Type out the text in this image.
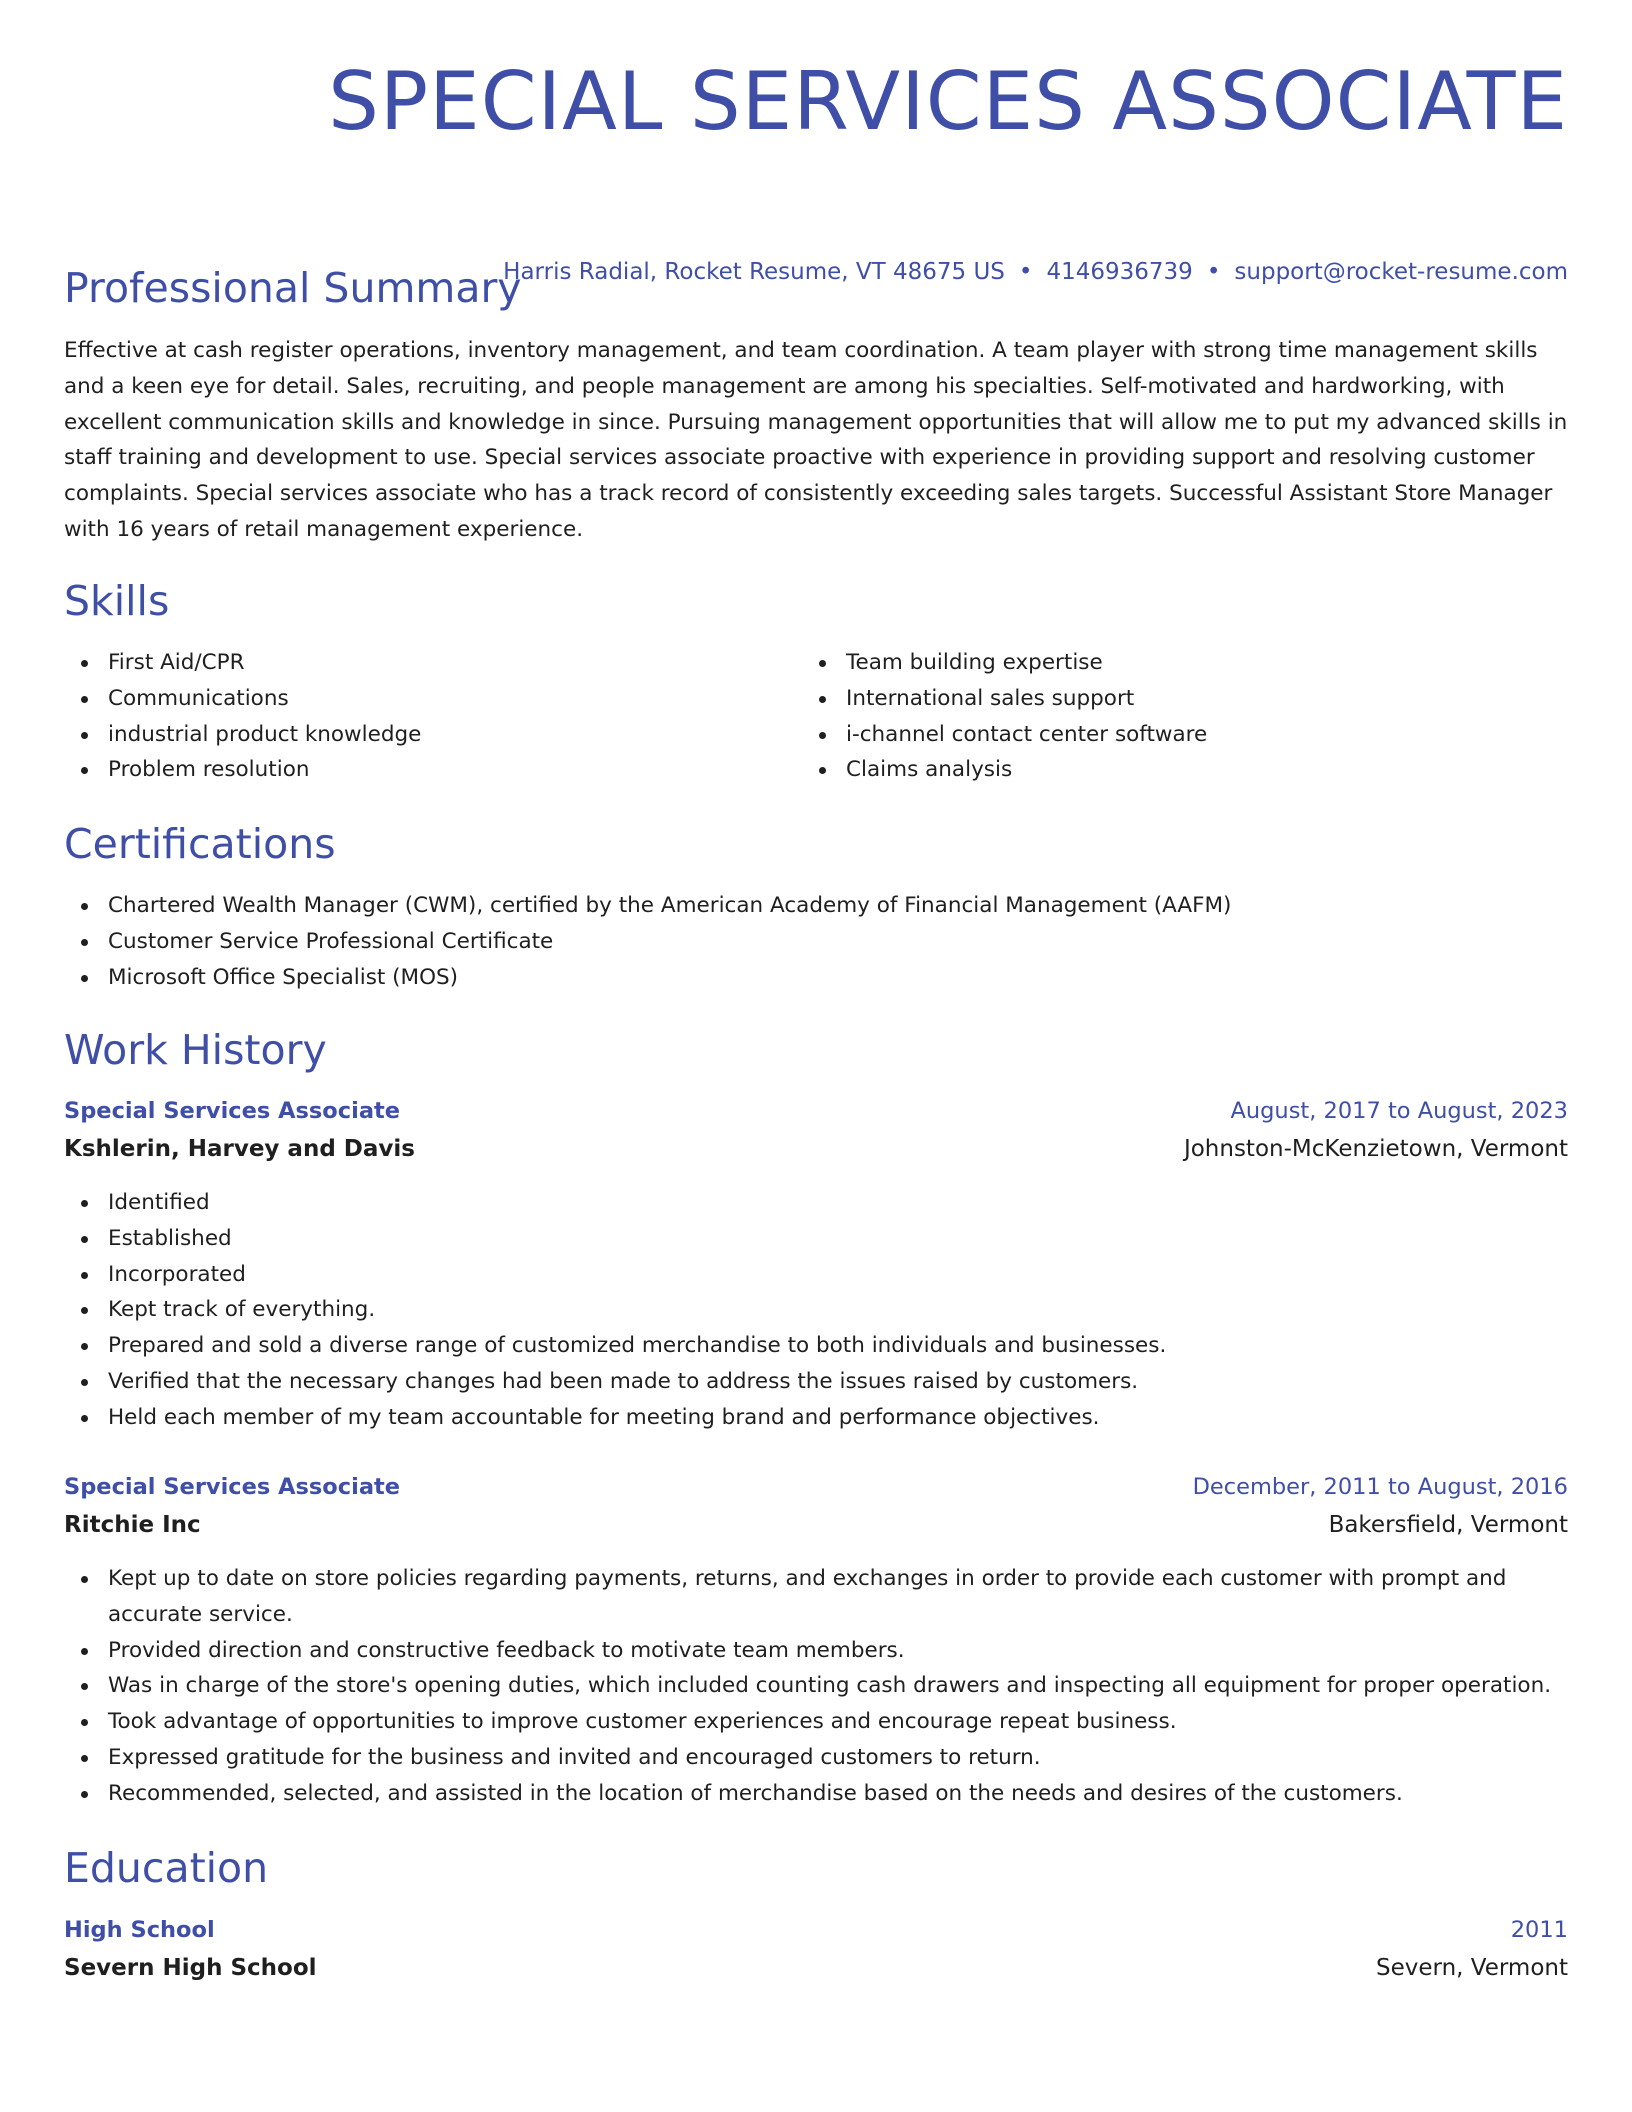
SPECIAL SERVICES ASSOCIATE
Harris Radial, Rocket Resume, VT 48675 US • 4146936739 • support@rocket-resume.com
Professional Summary

Effective at cash register operations, inventory management, and team coordination. A team player with strong time management skills and a keen eye for detail. Sales, recruiting, and people management are among his specialties. Self-motivated and hardworking, with excellent communication skills and knowledge in since. Pursuing management opportunities that will allow me to put my advanced skills in staff training and development to use. Special services associate proactive with experience in providing support and resolving customer complaints. Special services associate who has a track record of consistently exceeding sales targets. Successful Assistant Store Manager with 16 years of retail management experience.

Skills
First Aid/CPR
Communications
industrial product knowledge
Problem resolution
Team building expertise
International sales support
i-channel contact center software
Claims analysis
Certifications
Chartered Wealth Manager (CWM), certified by the American Academy of Financial Management (AAFM)
Customer Service Professional Certificate
Microsoft Office Specialist (MOS)
Work History
Special Services Associate	August, 2017 to August, 2023
Kshlerin, Harvey and Davis	Johnston-McKenzietown, Vermont
Identified
Established
Incorporated
Kept track of everything.
Prepared and sold a diverse range of customized merchandise to both individuals and businesses.
Verified that the necessary changes had been made to address the issues raised by customers.
Held each member of my team accountable for meeting brand and performance objectives.
Special Services Associate	December, 2011 to August, 2016
Ritchie Inc	Bakersfield, Vermont
Kept up to date on store policies regarding payments, returns, and exchanges in order to provide each customer with prompt and accurate service.
Provided direction and constructive feedback to motivate team members.
Was in charge of the store's opening duties, which included counting cash drawers and inspecting all equipment for proper operation.
Took advantage of opportunities to improve customer experiences and encourage repeat business.
Expressed gratitude for the business and invited and encouraged customers to return.
Recommended, selected, and assisted in the location of merchandise based on the needs and desires of the customers.
Education
High School	2011
Severn High School	Severn, Vermont
